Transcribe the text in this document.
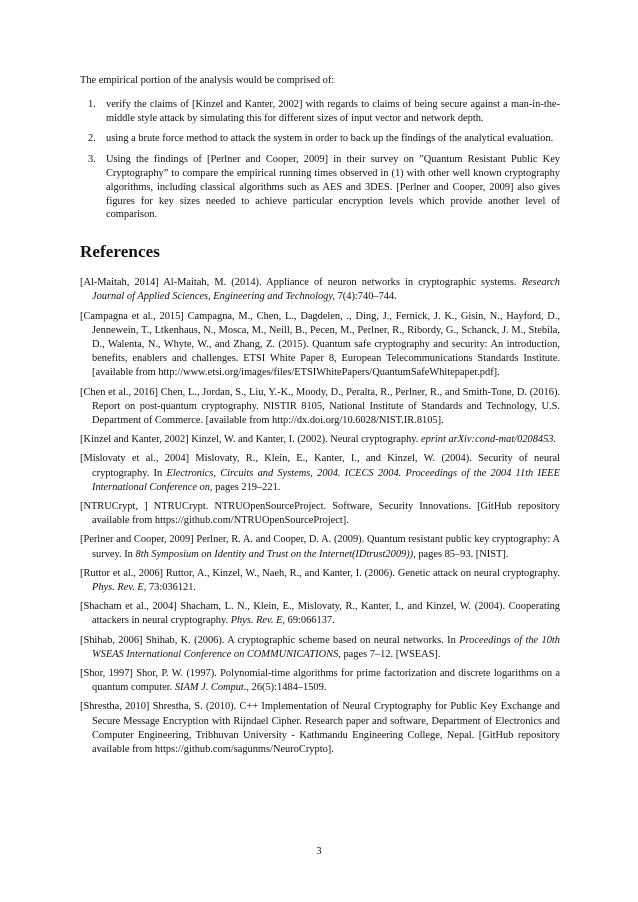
The empirical portion of the analysis would be comprised of:

1. verify the claims of [Kinzel and Kanter, 2002] with regards to claims of being secure against a man-in-the-middle style attack by simulating this for different sizes of input vector and network depth.
2. using a brute force method to attack the system in order to back up the findings of the analytical evaluation.
3. Using the findings of [Perlner and Cooper, 2009] in their survey on ”Quantum Resistant Public Key Cryptography” to compare the empirical running times observed in (1) with other well known cryptography algorithms, including classical algorithms such as AES and 3DES. [Perlner and Cooper, 2009] also gives figures for key sizes needed to achieve particular encryption levels which provide another level of comparison.
References
[Al-Maitah, 2014] Al-Maitah, M. (2014). Appliance of neuron networks in cryptographic systems. Research Journal of Applied Sciences, Engineering and Technology, 7(4):740–744.
[Campagna et al., 2015] Campagna, M., Chen, L., Dagdelen, ., Ding, J., Fernick, J. K., Gisin, N., Hayford, D., Jennewein, T., Ltkenhaus, N., Mosca, M., Neill, B., Pecen, M., Perlner, R., Ribordy, G., Schanck, J. M., Stebila, D., Walenta, N., Whyte, W., and Zhang, Z. (2015). Quantum safe cryptography and security: An introduction, benefits, enablers and challenges. ETSI White Paper 8, European Telecommunications Standards Institute. [available from http://www.etsi.org/images/files/ETSIWhitePapers/QuantumSafeWhitepaper.pdf].
[Chen et al., 2016] Chen, L., Jordan, S., Liu, Y.-K., Moody, D., Peralta, R., Perlner, R., and Smith-Tone, D. (2016). Report on post-quantum cryptography. NISTIR 8105, National Institute of Standards and Technology, U.S. Department of Commerce. [available from http://dx.doi.org/10.6028/NIST.IR.8105].
[Kinzel and Kanter, 2002] Kinzel, W. and Kanter, I. (2002). Neural cryptography. eprint arXiv:cond-mat/0208453.
[Mislovaty et al., 2004] Mislovaty, R., Klein, E., Kanter, I., and Kinzel, W. (2004). Security of neural cryptography. In Electronics, Circuits and Systems, 2004. ICECS 2004. Proceedings of the 2004 11th IEEE International Conference on, pages 219–221.
[NTRUCrypt, ] NTRUCrypt. NTRUOpenSourceProject. Software, Security Innovations. [GitHub repository available from https://github.com/NTRUOpenSourceProject].
[Perlner and Cooper, 2009] Perlner, R. A. and Cooper, D. A. (2009). Quantum resistant public key cryptography: A survey. In 8th Symposium on Identity and Trust on the Internet(IDtrust2009)), pages 85–93. [NIST].
[Ruttor et al., 2006] Ruttor, A., Kinzel, W., Naeh, R., and Kanter, I. (2006). Genetic attack on neural cryptography. Phys. Rev. E, 73:036121.
[Shacham et al., 2004] Shacham, L. N., Klein, E., Mislovaty, R., Kanter, I., and Kinzel, W. (2004). Cooperating attackers in neural cryptography. Phys. Rev. E, 69:066137.
[Shihab, 2006] Shihab, K. (2006). A cryptographic scheme based on neural networks. In Proceedings of the 10th WSEAS International Conference on COMMUNICATIONS, pages 7–12. [WSEAS].
[Shor, 1997] Shor, P. W. (1997). Polynomial-time algorithms for prime factorization and discrete logarithms on a quantum computer. SIAM J. Comput., 26(5):1484–1509.
[Shrestha, 2010] Shrestha, S. (2010). C++ Implementation of Neural Cryptography for Public Key Exchange and Secure Message Encryption with Rijndael Cipher. Research paper and software, Department of Electronics and Computer Engineering, Tribhuvan University - Kathmandu Engineering College, Nepal. [GitHub repository available from https://github.com/sagunms/NeuroCrypto].
3
